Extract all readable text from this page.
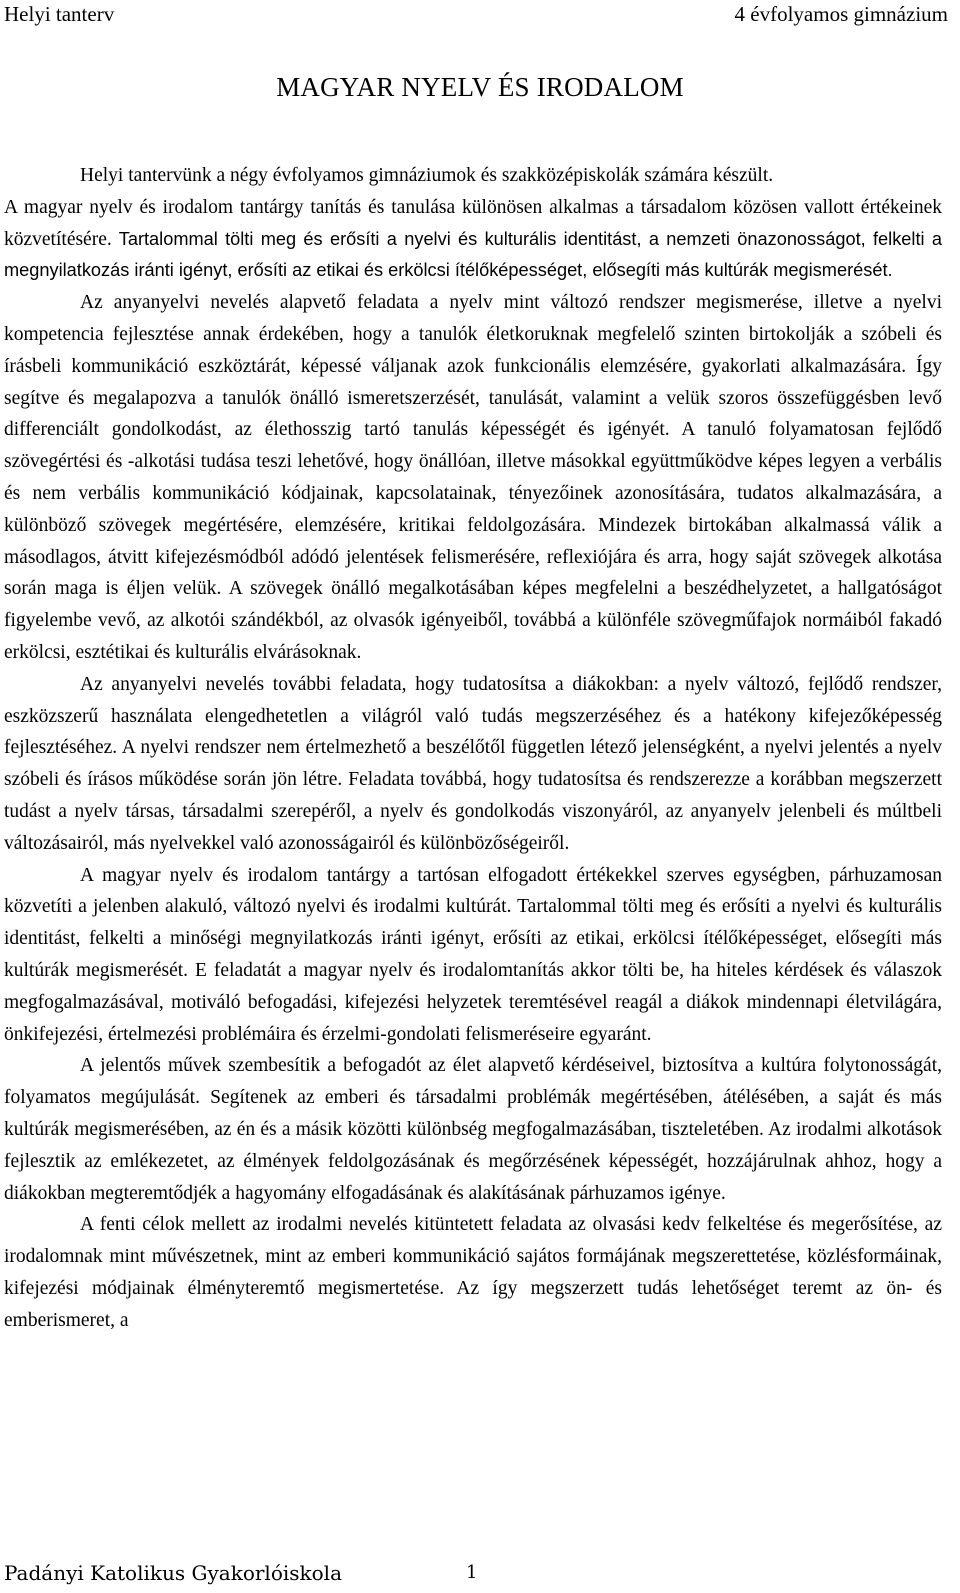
Helyi tanterv	4 évfolyamos gimnázium
MAGYAR NYELV ÉS IRODALOM

Helyi tantervünk a négy évfolyamos gimnáziumok és szakközépiskolák számára készült.

A magyar nyelv és irodalom tantárgy tanítás és tanulása különösen alkalmas a társadalom közösen vallott értékeinek közvetítésére. Tartalommal tölti meg és erősíti a nyelvi és kulturális identitást, a nemzeti önazonosságot, felkelti a megnyilatkozás iránti igényt, erősíti az etikai és erkölcsi ítélőképességet, elősegíti más kultúrák megismerését.

Az anyanyelvi nevelés alapvető feladata a nyelv mint változó rendszer megismerése, illetve a nyelvi kompetencia fejlesztése annak érdekében, hogy a tanulók életkoruknak megfelelő szinten birtokolják a szóbeli és írásbeli kommunikáció eszköztárát, képessé váljanak azok funkcionális elemzésére, gyakorlati alkalmazására. Így segítve és megalapozva a tanulók önálló ismeretszerzését, tanulását, valamint a velük szoros összefüggésben levő differenciált gondolkodást, az élethosszig tartó tanulás képességét és igényét. A tanuló folyamatosan fejlődő szövegértési és -alkotási tudása teszi lehetővé, hogy önállóan, illetve másokkal együttműködve képes legyen a verbális és nem verbális kommunikáció kódjainak, kapcsolatainak, tényezőinek azonosítására, tudatos alkalmazására, a különböző szövegek megértésére, elemzésére, kritikai feldolgozására. Mindezek birtokában alkalmassá válik a másodlagos, átvitt kifejezésmódból adódó jelentések felismerésére, reflexiójára és arra, hogy saját szövegek alkotása során maga is éljen velük. A szövegek önálló megalkotásában képes megfelelni a beszédhelyzetet, a hallgatóságot figyelembe vevő, az alkotói szándékból, az olvasók igényeiből, továbbá a különféle szövegműfajok normáiból fakadó erkölcsi, esztétikai és kulturális elvárásoknak.

Az anyanyelvi nevelés további feladata, hogy tudatosítsa a diákokban: a nyelv változó, fejlődő rendszer, eszközszerű használata elengedhetetlen a világról való tudás megszerzéséhez és a hatékony kifejezőképesség fejlesztéséhez. A nyelvi rendszer nem értelmezhető a beszélőtől független létező jelenségként, a nyelvi jelentés a nyelv szóbeli és írásos működése során jön létre. Feladata továbbá, hogy tudatosítsa és rendszerezze a korábban megszerzett tudást a nyelv társas, társadalmi szerepéről, a nyelv és gondolkodás viszonyáról, az anyanyelv jelenbeli és múltbeli változásairól, más nyelvekkel való azonosságairól és különbözőségeiről.

A magyar nyelv és irodalom tantárgy a tartósan elfogadott értékekkel szerves egységben, párhuzamosan közvetíti a jelenben alakuló, változó nyelvi és irodalmi kultúrát. Tartalommal tölti meg és erősíti a nyelvi és kulturális identitást, felkelti a minőségi megnyilatkozás iránti igényt, erősíti az etikai, erkölcsi ítélőképességet, elősegíti más kultúrák megismerését. E feladatát a magyar nyelv és irodalomtanítás akkor tölti be, ha hiteles kérdések és válaszok megfogalmazásával, motiváló befogadási, kifejezési helyzetek teremtésével reagál a diákok mindennapi életvilágára, önkifejezési, értelmezési problémáira és érzelmi-gondolati felismeréseire egyaránt.

A jelentős művek szembesítik a befogadót az élet alapvető kérdéseivel, biztosítva a kultúra folytonosságát, folyamatos megújulását. Segítenek az emberi és társadalmi problémák megértésében, átélésében, a saját és más kultúrák megismerésében, az én és a másik közötti különbség megfogalmazásában, tiszteletében. Az irodalmi alkotások fejlesztik az emlékezetet, az élmények feldolgozásának és megőrzésének képességét, hozzájárulnak ahhoz, hogy a diákokban megteremtődjék a hagyomány elfogadásának és alakításának párhuzamos igénye.

A fenti célok mellett az irodalmi nevelés kitüntetett feladata az olvasási kedv felkeltése és megerősítése, az irodalomnak mint művészetnek, mint az emberi kommunikáció sajátos formájának megszerettetése, közlésformáinak, kifejezési módjainak élményteremtő megismertetése. Az így megszerzett tudás lehetőséget teremt az ön- és emberismeret, a

Padányi Katolikus Gyakorlóiskola	1
